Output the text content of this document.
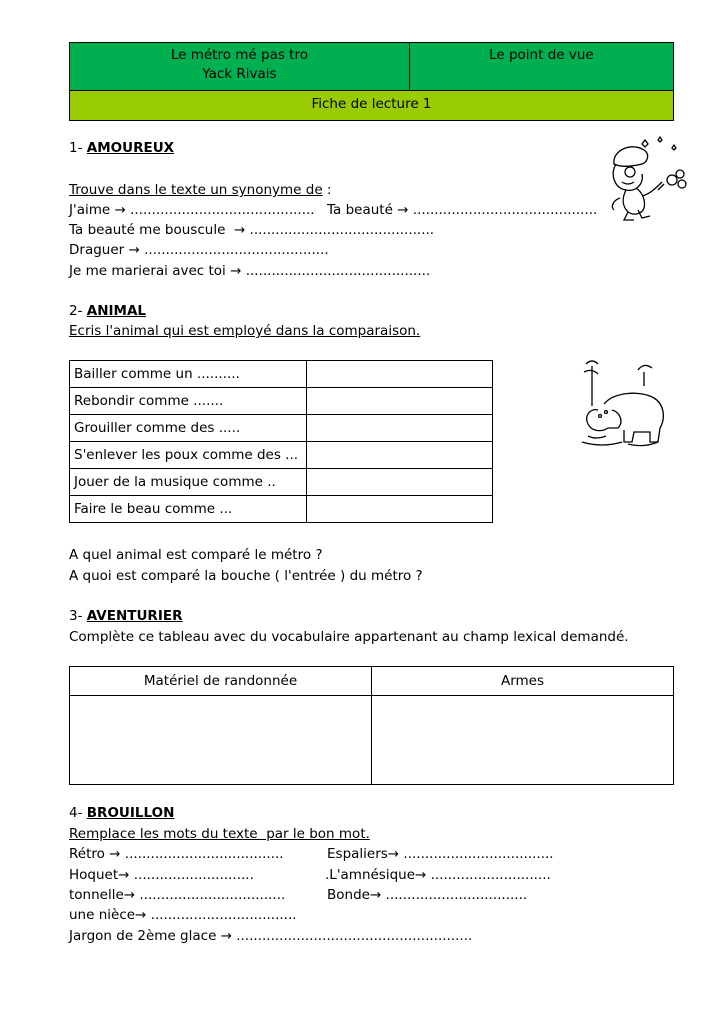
Le métro mé pas tro
Yack Rivais

Le point de vue

Fiche de lecture 1
1- AMOUREUX
Trouve dans le texte un synonyme de :
J'aime → ........................................... Ta beauté → ...........................................
Ta beauté me bouscule  → ...........................................
Draguer → ...........................................
Je me marierai avec toi → ...........................................
2- ANIMAL
Ecris l'animal qui est employé dans la comparaison.
Bailler comme un ..........	
Rebondir comme .......	
Grouiller comme des .....	
S'enlever les poux comme des ...	
Jouer de la musique comme ..	
Faire le beau comme ...	
A quel animal est comparé le métro ?
A quoi est comparé la bouche ( l'entrée ) du métro ?
3- AVENTURIER
Complète ce tableau avec du vocabulaire appartenant au champ lexical demandé.
Matériel de randonnée	Armes

4- BROUILLON
Remplace les mots du texte  par le bon mot.
Rétro → .....................................	Espaliers→ ...................................
Hoquet→ ............................	.L'amnésique→ ............................
tonnelle→ ..................................	Bonde→ .................................
une nièce→ ..................................
Jargon de 2ème glace → .......................................................
